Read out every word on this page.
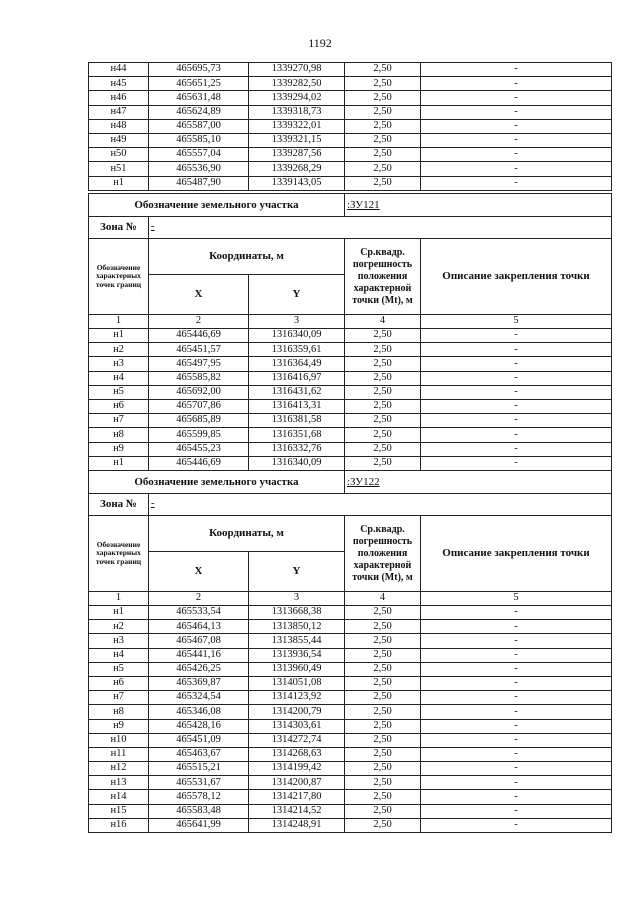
1192
н44	465695,73	1339270,98	2,50	-
н45	465651,25	1339282,50	2,50	-
н46	465631,48	1339294,02	2,50	-
н47	465624,89	1339318,73	2,50	-
н48	465587,00	1339322,01	2,50	-
н49	465585,10	1339321,15	2,50	-
н50	465557,04	1339287,56	2,50	-
н51	465536,90	1339268,29	2,50	-
н1	465487,90	1339143,05	2,50	-
Обозначение земельного участка			:ЗУ121	
Зона №	-			
Обозначение характерных точек границ	Координаты, м		Ср.квадр. погрешность положения характерной точки (Mt), м	Описание закрепления точки
	X	Y		
1	2	3	4	5
н1	465446,69	1316340,09	2,50	-
н2	465451,57	1316359,61	2,50	-
н3	465497,95	1316364,49	2,50	-
н4	465585,82	1316416,97	2,50	-
н5	465692,00	1316431,62	2,50	-
н6	465707,86	1316413,31	2,50	-
н7	465685,89	1316381,58	2,50	-
н8	465599,85	1316351,68	2,50	-
н9	465455,23	1316332,76	2,50	-
н1	465446,69	1316340,09	2,50	-
Обозначение земельного участка			:ЗУ122	
Зона №	-			
Обозначение характерных точек границ	Координаты, м		Ср.квадр. погрешность положения характерной точки (Mt), м	Описание закрепления точки
	X	Y		
1	2	3	4	5
н1	465533,54	1313668,38	2,50	-
н2	465464,13	1313850,12	2,50	-
н3	465467,08	1313855,44	2,50	-
н4	465441,16	1313936,54	2,50	-
н5	465426,25	1313960,49	2,50	-
н6	465369,87	1314051,08	2,50	-
н7	465324,54	1314123,92	2,50	-
н8	465346,08	1314200,79	2,50	-
н9	465428,16	1314303,61	2,50	-
н10	465451,09	1314272,74	2,50	-
н11	465463,67	1314268,63	2,50	-
н12	465515,21	1314199,42	2,50	-
н13	465531,67	1314200,87	2,50	-
н14	465578,12	1314217,80	2,50	-
н15	465583,48	1314214,52	2,50	-
н16	465641,99	1314248,91	2,50	-
